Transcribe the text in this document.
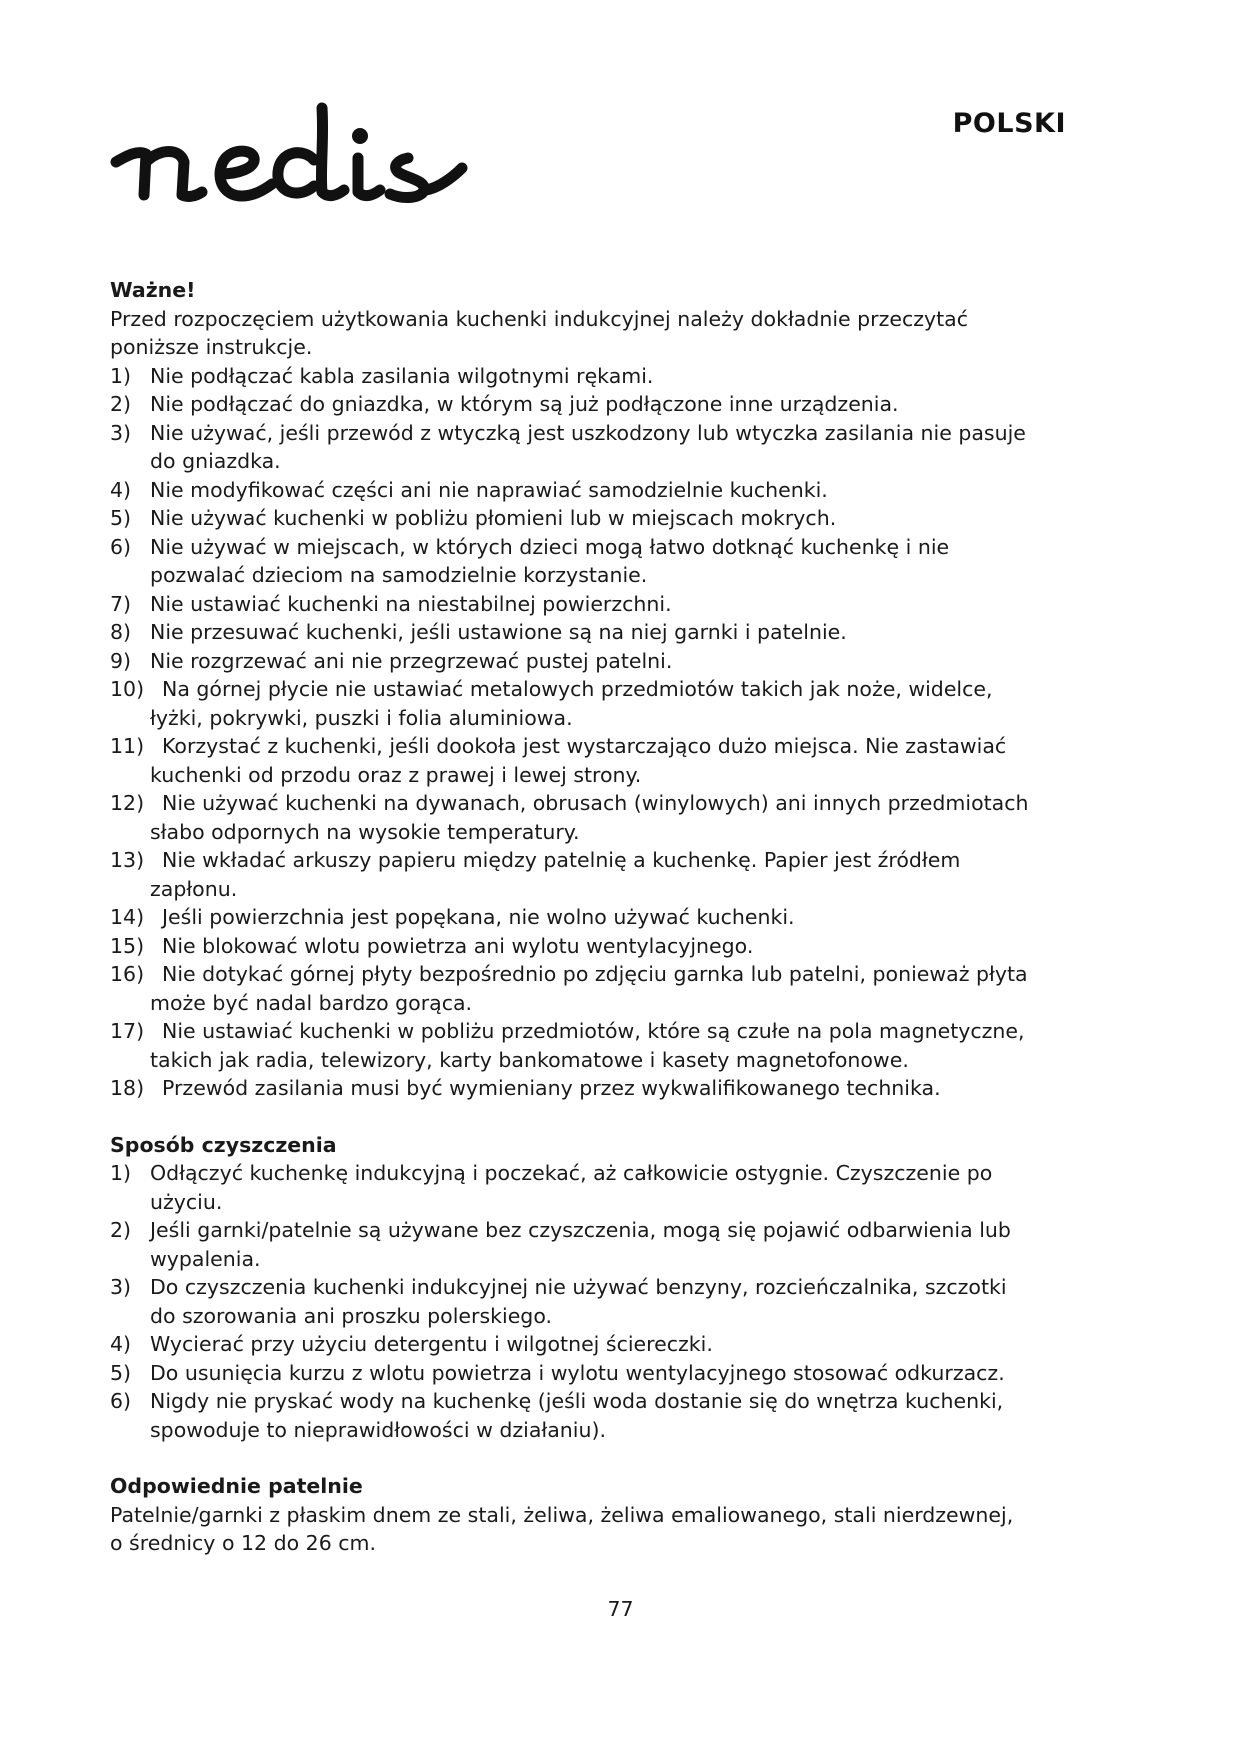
POLSKI

Ważne!

Przed rozpoczęciem użytkowania kuchenki indukcyjnej należy dokładnie przeczytać poniższe instrukcje.

1) Nie podłączać kabla zasilania wilgotnymi rękami.
2) Nie podłączać do gniazdka, w którym są już podłączone inne urządzenia.
3) Nie używać, jeśli przewód z wtyczką jest uszkodzony lub wtyczka zasilania nie pasuje do gniazdka.
4) Nie modyfikować części ani nie naprawiać samodzielnie kuchenki.
5) Nie używać kuchenki w pobliżu płomieni lub w miejscach mokrych.
6) Nie używać w miejscach, w których dzieci mogą łatwo dotknąć kuchenkę i nie pozwalać dzieciom na samodzielnie korzystanie.
7) Nie ustawiać kuchenki na niestabilnej powierzchni.
8) Nie przesuwać kuchenki, jeśli ustawione są na niej garnki i patelnie.
9) Nie rozgrzewać ani nie przegrzewać pustej patelni.
10) Na górnej płycie nie ustawiać metalowych przedmiotów takich jak noże, widelce, łyżki, pokrywki, puszki i folia aluminiowa.
11) Korzystać z kuchenki, jeśli dookoła jest wystarczająco dużo miejsca. Nie zastawiać kuchenki od przodu oraz z prawej i lewej strony.
12) Nie używać kuchenki na dywanach, obrusach (winylowych) ani innych przedmiotach słabo odpornych na wysokie temperatury.
13) Nie wkładać arkuszy papieru między patelnię a kuchenkę. Papier jest źródłem zapłonu.
14) Jeśli powierzchnia jest popękana, nie wolno używać kuchenki.
15) Nie blokować wlotu powietrza ani wylotu wentylacyjnego.
16) Nie dotykać górnej płyty bezpośrednio po zdjęciu garnka lub patelni, ponieważ płyta może być nadal bardzo gorąca.
17) Nie ustawiać kuchenki w pobliżu przedmiotów, które są czułe na pola magnetyczne, takich jak radia, telewizory, karty bankomatowe i kasety magnetofonowe.
18) Przewód zasilania musi być wymieniany przez wykwalifikowanego technika.

Sposób czyszczenia

1) Odłączyć kuchenkę indukcyjną i poczekać, aż całkowicie ostygnie. Czyszczenie po użyciu.
2) Jeśli garnki/patelnie są używane bez czyszczenia, mogą się pojawić odbarwienia lub wypalenia.
3) Do czyszczenia kuchenki indukcyjnej nie używać benzyny, rozcieńczalnika, szczotki do szorowania ani proszku polerskiego.
4) Wycierać przy użyciu detergentu i wilgotnej ściereczki.
5) Do usunięcia kurzu z wlotu powietrza i wylotu wentylacyjnego stosować odkurzacz.
6) Nigdy nie pryskać wody na kuchenkę (jeśli woda dostanie się do wnętrza kuchenki, spowoduje to nieprawidłowości w działaniu).

Odpowiednie patelnie

Patelnie/garnki z płaskim dnem ze stali, żeliwa, żeliwa emaliowanego, stali nierdzewnej, o średnicy o 12 do 26 cm.

77
